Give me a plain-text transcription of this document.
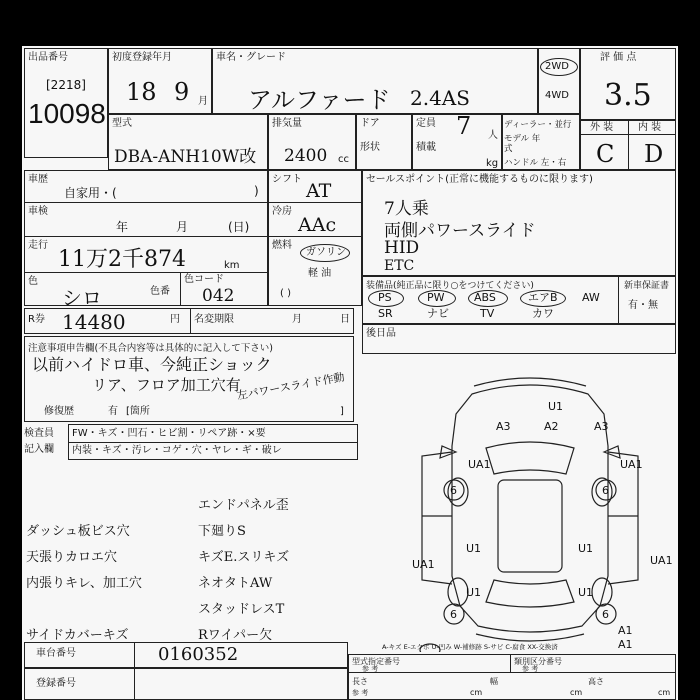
出品番号
[2218]
10098
初度登録年月
18 9 月
車名・グレード
アルファード 2.4AS
2WD
4WD
評 価 点
3.5
型式
DBA-ANH10W改
排気量
2400 cc
ドア
形状
定員 7 人
積載
kg
ディーラー・並行
モデル 年式
ハンドル 左・右
外 装 内 装
C D
車歴
自家用・(	)
車検
年	月	(日)
走行
11万2千874	km
色
シロ	色番
色コード
042
シフト
AT
冷房
AAc
燃料
ガソリン
軽 油
( )
セールスポイント(正常に機能するものに限ります)
7人乗
両側パワースライド
HID
ETC
装備品(純正品に限り○をつけてください)	新車保証書
有・無
PS	PW	ABS	エアB AW
SR	ナビ	TV	カワ
後日品
R券 14480	円 名変期限	月	日
注意事項申告欄(不具合内容等は具体的に記入して下さい)
以前ハイドロ車、今純正ショック
リア、フロア加工穴有
左パワースライド作動
修復歴	有 [箇所	]
検査員
記入欄
FW・キズ・凹石・ヒビ割・リペア跡・×要
内装・キズ・汚レ・コゲ・穴・ヤレ・ギ・破レ
エンドパネル歪
ダッシュ板ビス穴	下廻りS
天張りカロエ穴	キズE.スリキズ
内張りキレ、加工穴	ネオタトAW
スタッドレスT
サイドカバーキズ	Rワイパー欠
車台番号	0160352
登録番号
型式指定番号
参 考
類別区分番号
参 考
長さ
参 考	cm
幅
cm
高さ
cm
U1
A3	A2	A3
UA1	UA1
6	6
6	6
U1	U1
U1	U1
UA1	UA1
A1
A1
A-キズ E-エクボ U-凹み W-補修跡 S-サビ C-腐食 XX-交換済
